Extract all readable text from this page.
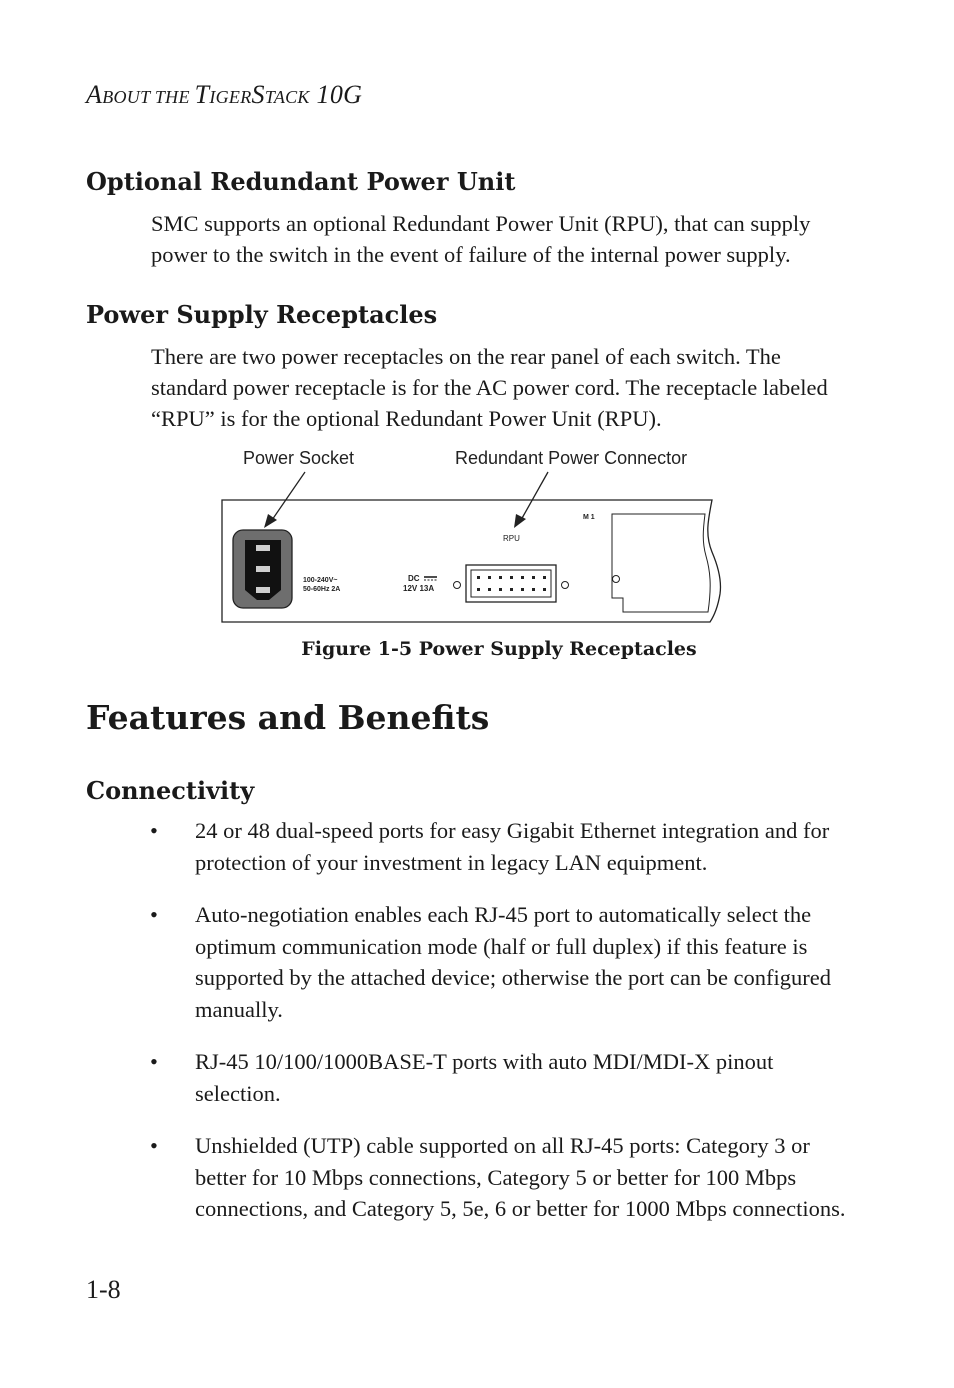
ABOUT THE TIGERSTACK 10G
Optional Redundant Power Unit

SMC supports an optional Redundant Power Unit (RPU), that can supply power to the switch in the event of failure of the internal power supply.

Power Supply Receptacles

There are two power receptacles on the rear panel of each switch. The standard power receptacle is for the AC power cord. The receptacle labeled “RPU” is for the optional Redundant Power Unit (RPU).

Power Socket	Redundant Power Connector
100-240V~
50-60Hz 2A
DC
12V 13A
RPU
M 1
Figure 1-5 Power Supply Receptacles
Features and Benefits
Connectivity
• 24 or 48 dual-speed ports for easy Gigabit Ethernet integration and for protection of your investment in legacy LAN equipment.
• Auto-negotiation enables each RJ-45 port to automatically select the optimum communication mode (half or full duplex) if this feature is supported by the attached device; otherwise the port can be configured manually.
• RJ-45 10/100/1000BASE-T ports with auto MDI/MDI-X pinout selection.
• Unshielded (UTP) cable supported on all RJ-45 ports: Category 3 or better for 10 Mbps connections, Category 5 or better for 100 Mbps connections, and Category 5, 5e, 6 or better for 1000 Mbps connections.
1-8
